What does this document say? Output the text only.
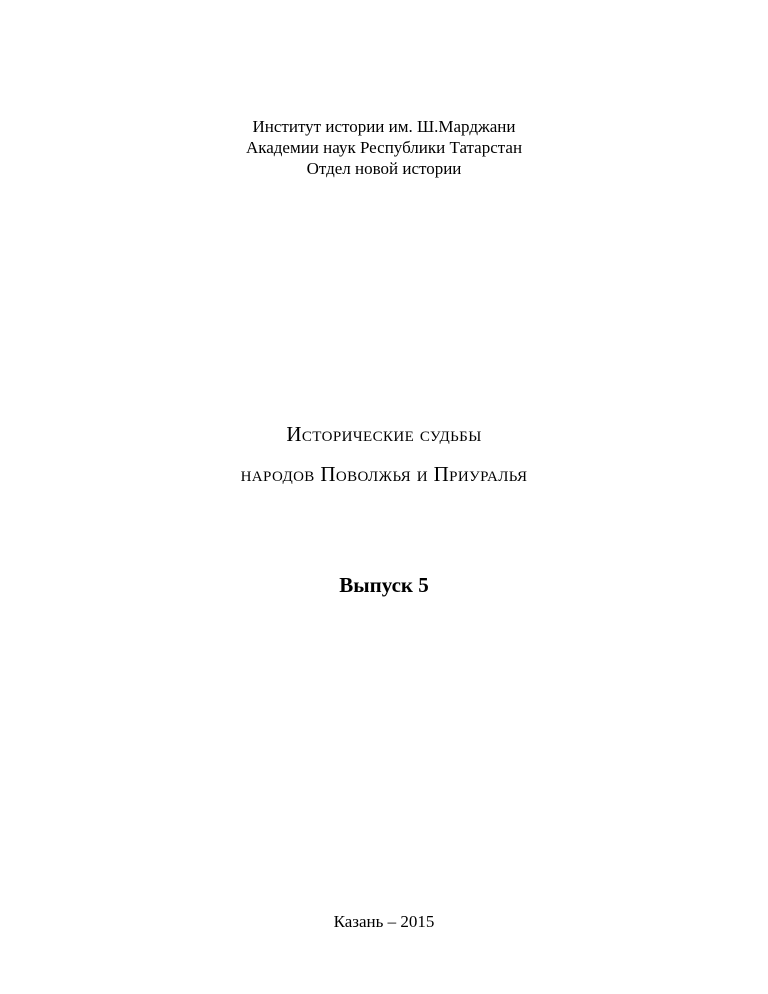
Институт истории им. Ш.Марджани
Академии наук Республики Татарстан
Отдел новой истории
Исторические судьбы
народов Поволжья и Приуралья
Выпуск 5
Казань – 2015
